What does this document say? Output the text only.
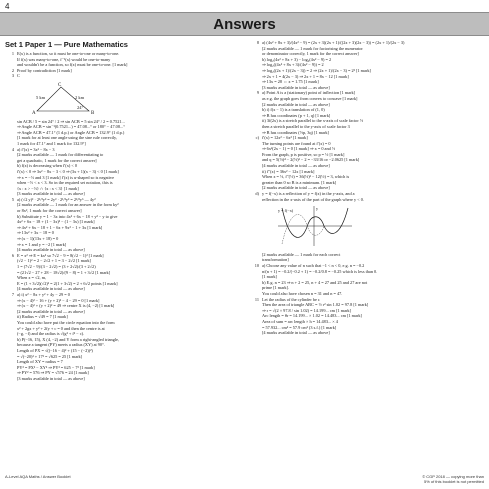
4
Answers
Set 1 Paper 1 — Pure Mathematics
1 E(x) is a function, so it must be one-to-one or many-to-one.
If f(x) was many-to-one, f⁻¹(x) would be one-to-many
and wouldn't be a function, so f(x) must be one-to-one. [1 mark]
2 Proof by contradiction [1 mark]
3 C
C
A	B
5 km	2 km
24°
sin ACB / 5 = sin 24° / 2 ⇒ sin ACB = 5 sin 24° / 2 = 0.7521...
⇒ Angle ACB = sin⁻¹(0.7521...) = 47.08...° or 180° − 47.08...°
⇒ Angle ACB = 47.1° (1 d.p.) or Angle ACB = 132.9° (1 d.p.)
[1 mark for at least one angle using the sine rule correctly,
1 mark for 47.1° and 1 mark for 132.9°]
4 a) f′(x) = 3x² − 8x − 3
[2 marks available — 1 mark for differentiating to
get a quadratic, 1 mark for the correct answer]
b) f(x) is decreasing when f′(x) < 0
f′(x) < 0 ⇒ 3x² − 8x − 3 < 0 ⇒ (3x + 1)(x − 3) < 0 [1 mark]
⇒ x = −⅓ and 3 [1 mark] f′(x) is u-shaped so is negative
when −⅓ < x < 3. So in the required set notation, this is
{x : x > −⅓} ∩ {x : x < 3} [1 mark]
[3 marks available in total — as above]
5 a) (√2 y)³ · 2¹/²y³ = 2y³ · 2¹/²y³ = 2³/²y⁶ — 4y²
[2 marks available — 1 mark for an answer in the form ky²
or 8x², 1 mark for the correct answer]
b) Substitute y = 1 − 3x into 4x² + 6x − 18 + y² − y to give
4x² + 6x − 18 + (1 − 3x)² − (1 − 3x) [1 mark]
⇒ 4x² + 6x − 18 + 1 − 6x + 9x² − 1 + 3x [1 mark]
⇒ 13x² + 3x − 18 = 0
⇒ (x − 1)(13x + 18) = 0
⇒ x = 1 and y = −2 [1 mark]
[4 marks available in total — as above]
6 E = x² ⇒ E = kx² so 7√2 − 9 = 8(√2 − 1)² [1 mark]
(√2 − 1)² = 2 − 2√2 + 1 = 3 − 2√2 [1 mark]
1 = (7√2 − 9)/(3 − 2√2) = (3 + 2√2)/(3 + 2√2)
= (21√2 − 27 + 28 − 18√2)/(9 − 8) = 1 + 3√2 [1 mark]
When x = √2, m,
E = (1 + 3√2)(√2)² = 2(1 + 3√2) = 2 + 6√2 points [1 mark]
[4 marks available in total — as above]
7 a) i) x² − 8x + y² + 4y − 29 = 0
⇒ (x − 4)² − 16 + (y + 2)² − 4 − 29 = 0 [1 mark]
⇒ (x − 4)² + (y + 2)² = 49 ⇒ centre X is (4, −2) [1 mark]
[2 marks available in total — as above]
ii) Radius = √49 = 7 [1 mark]
You could also have put the circle equation into the form
x² + 2gx + y² + 2fy + c = 0 and then the centre is at
(−g, −f) and the radius is √(g² + f² − c).
b) P(−16, 15), X (4, −2) and Y form a right-angled triangle,
because a tangent (PY) meets a radius (XY) at 90°.
Length of PX = √((−16 − 4)² + (15 − (−2))²)
= √(−20)² + 17² = √625 = 25 [1 mark]
Length of XY = radius = 7
PY² = PX² − XY² ⇒ PY² = 625 − 7² [1 mark]
⇒ PY² = 576 ⇒ PY = √576 = 24 [1 mark]
[3 marks available in total — as above]
8 a) (4x² + 8x + 3)/(4x² − 9) = (2x + 3)(2x + 1)/((2x + 3)(2x − 3)) = (2x + 1)/(2x − 3)
[2 marks available — 1 mark for factorising the numerator
or denominator correctly, 1 mark for the correct answer]
b) log₂(4x² + 8x + 3) − log₂(4x² − 9) = 2
⇒ log₂((4x² + 8x + 3)/(4x² − 9)) = 2
⇒ log₂((2x + 1)/(2x − 3)) = 2 ⇒ (2x + 1)/(2x − 3) = 2² [1 mark]
⇒ 2x + 1 = 4(2x − 3) ⇒ 2x + 1 = 8x − 12 [1 mark]
⇒ 13x = 28 ⇔ x = 1.75 [1 mark]
[3 marks available in total — as above]
9 a) Point A is a (stationary) point of inflection [1 mark]
as e.g. the graph goes from convex to concave [1 mark]
[2 marks available in total — as above]
b) i) f(x − 1) is a translation of (1, 0)
⇒ B has coordinates (p + 1, q) [1 mark]
ii) 3f(2x) is a stretch parallel to the x-axis of scale factor ½
then a stretch parallel to the y-axis of scale factor 3
⇒ B has coordinates (½p, 3q) [1 mark]
c) f′(x) = 12x² − 6x² [1 mark]
The turning points are found at f′(x) = 0
⇒ 6x²(2x − 1) = 0 [1 mark] ⇒ x = 0 and ½
From the graph, p is positive, so p = ½ [1 mark]
and q = 5(½)⁴ − 2(½)³ − 2 = −33/16 or −2.0625 [1 mark]
[4 marks available in total — as above]
ii) f″(x) = 36x² − 12x [1 mark]
When x = ½, f″(½) = 36(½)² − 12(½) = 3, which is
greater than 0 so B is a minimum. [1 mark]
[2 marks available in total — as above]
d) y = f(−x) is a reflection of y = f(x) in the y-axis, and a
reflection in the x-axis of the part of the graph where y < 0.
y = f(−x)	y
[2 marks available — 1 mark for each correct
transformation]
10 a) Choose any value of n such that −1 < n < 0, e.g. n = −0.2
n/(n + 1) = −0.2/(−0.2 + 1) = −0.2/0.8 = −0.25 which is less than 0.
[1 mark]
b) E.g. n = 23 ⇒ n + 2 = 25, n + 4 = 27 and 25 and 27 are not
prime [1 mark].
You could also have chosen n = 31 and n = 47.
11 Let the radius of the cylinder be r.
Then the area of triangle ABC = ½ r² sin 1.02 = 97.8 [1 mark]
⇒ r = √(2 × 97.8 / sin 1.02) = 14.199... cm [1 mark]
Arc length = θr = 14.199... × 1.02 = 14.483... cm [1 mark]
Area of sum = arc length × h = 14.483... × 4
= 57.932... cm² = 57.9 cm² (3 s.f.) [1 mark]
[4 marks available in total — as above]
A-Level AQA Maths / Answer Booklet	© CGP 2018 — copying more than
5% of this booklet is not permitted
